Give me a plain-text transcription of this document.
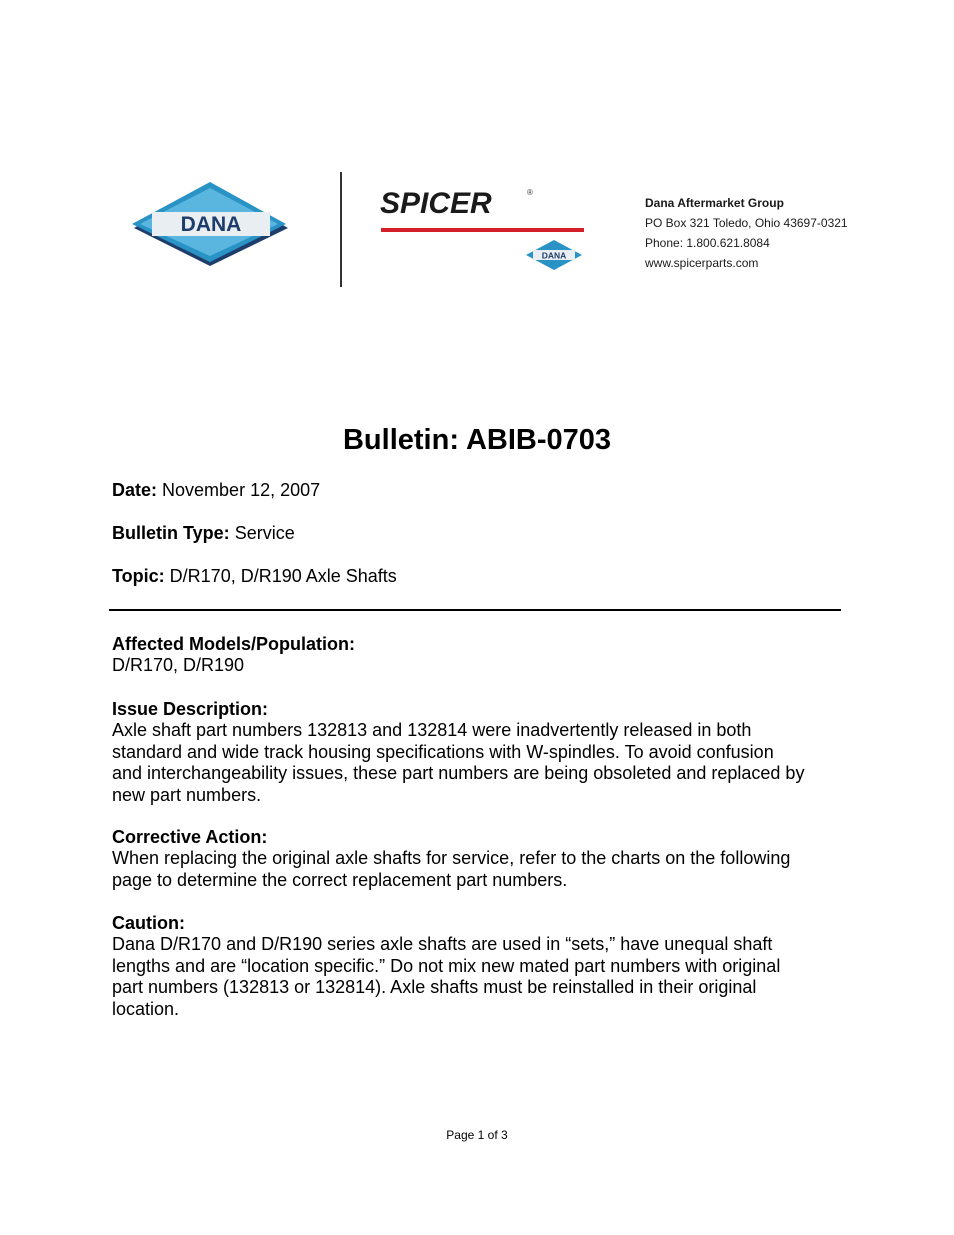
DANA
SPICER	®
DANA
Dana Aftermarket Group
PO Box 321 Toledo, Ohio 43697-0321
Phone: 1.800.621.8084
www.spicerparts.com
Bulletin: ABIB-0703
Date: November 12, 2007
Bulletin Type: Service
Topic: D/R170, D/R190 Axle Shafts
Affected Models/Population:
D/R170, D/R190
Issue Description:
Axle shaft part numbers 132813 and 132814 were inadvertently released in both
standard and wide track housing specifications with W-spindles. To avoid confusion
and interchangeability issues, these part numbers are being obsoleted and replaced by
new part numbers.
Corrective Action:
When replacing the original axle shafts for service, refer to the charts on the following
page to determine the correct replacement part numbers.
Caution:
Dana D/R170 and D/R190 series axle shafts are used in “sets,” have unequal shaft
lengths and are “location specific.” Do not mix new mated part numbers with original
part numbers (132813 or 132814). Axle shafts must be reinstalled in their original
location.
Page 1 of 3
